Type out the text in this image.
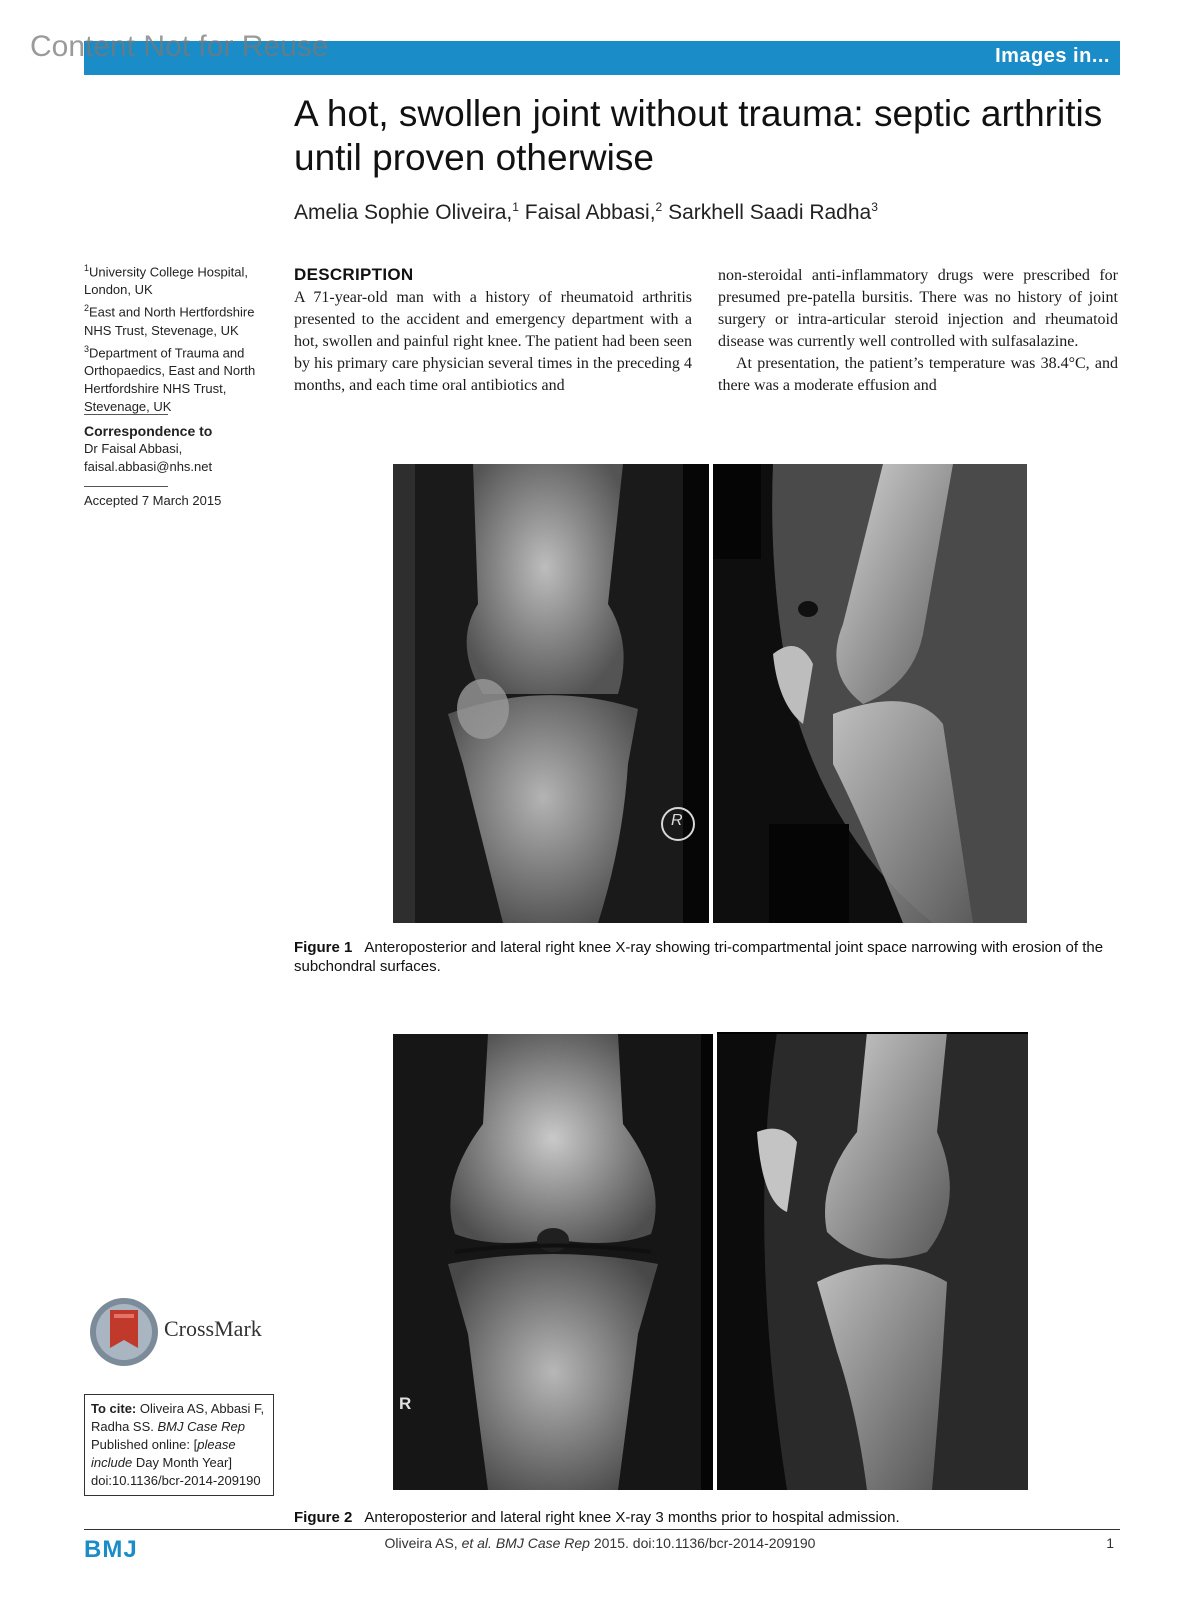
Content Not for Reuse	Images in...
A hot, swollen joint without trauma: septic arthritis until proven otherwise
Amelia Sophie Oliveira,$^1$ Faisal Abbasi,$^2$ Sarkhell Saadi Radha$^3$
$^1$University College Hospital, London, UK
$^2$East and North Hertfordshire NHS Trust, Stevenage, UK
$^3$Department of Trauma and Orthopaedics, East and North Hertfordshire NHS Trust, Stevenage, UK
Correspondence to
Dr Faisal Abbasi,
faisal.abbasi@nhs.net
Accepted 7 March 2015
DESCRIPTION

A 71-year-old man with a history of rheumatoid arthritis presented to the accident and emergency department with a hot, swollen and painful right knee. The patient had been seen by his primary care physician several times in the preceding 4 months, and each time oral antibiotics and

non-steroidal anti-inflammatory drugs were prescribed for presumed pre-patella bursitis. There was no history of joint surgery or intra-articular steroid injection and rheumatoid disease was currently well controlled with sulfasalazine.

At presentation, the patient’s temperature was 38.4°C, and there was a moderate effusion and

R
Figure 1 Anteroposterior and lateral right knee X-ray showing tri-compartmental joint space narrowing with erosion of the subchondral surfaces.
R
Figure 2 Anteroposterior and lateral right knee X-ray 3 months prior to hospital admission.
CrossMark
To cite: Oliveira AS, Abbasi F, Radha SS. BMJ Case Rep Published online: [please include Day Month Year] doi:10.1136/bcr-2014-209190
BMJ	Oliveira AS, et al. BMJ Case Rep 2015. doi:10.1136/bcr-2014-209190	1
